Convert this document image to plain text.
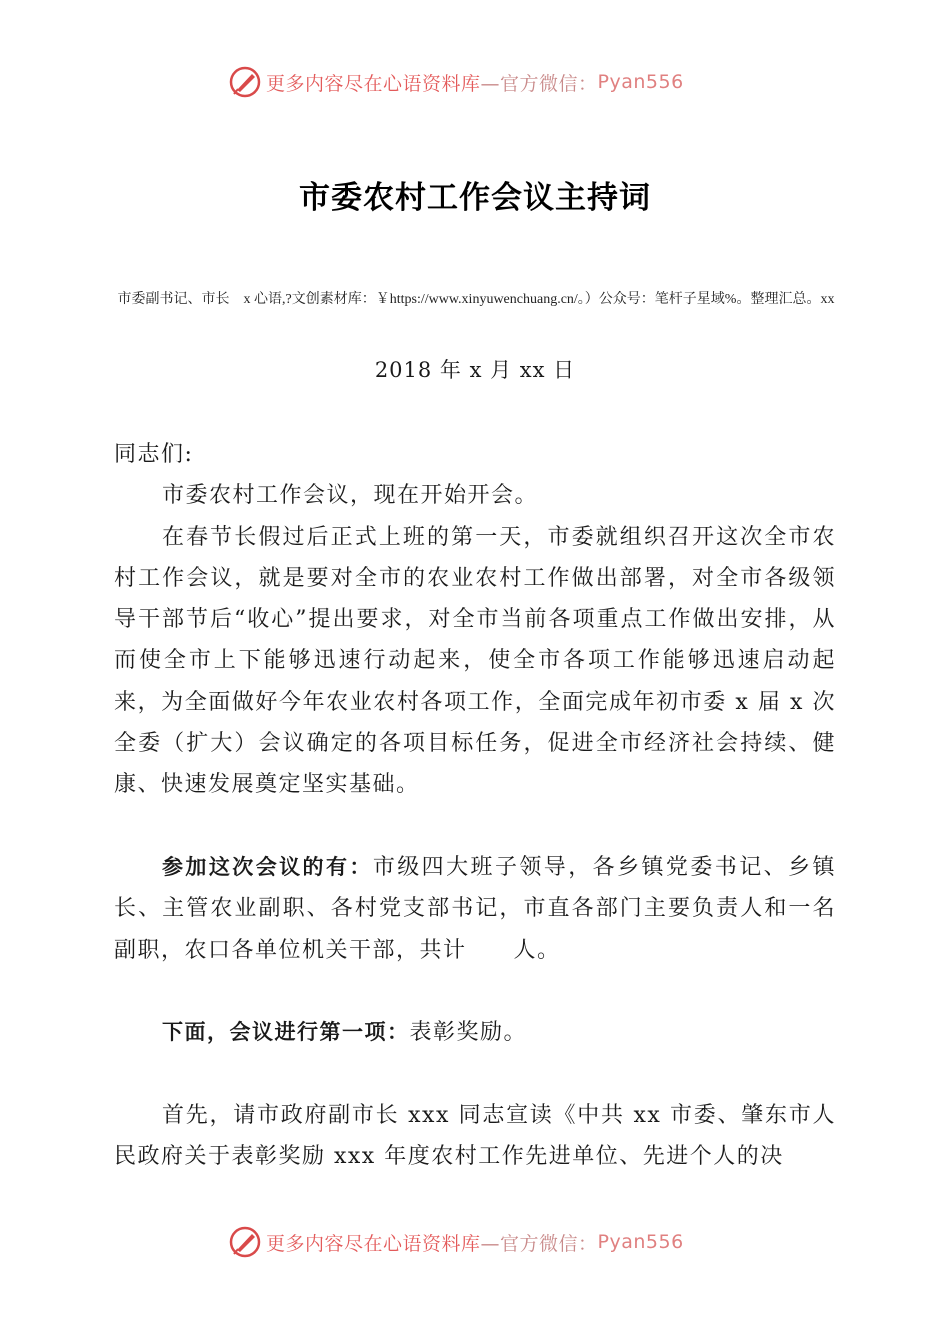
更多内容尽在心语资料库 —官方微信： Pyan556
市委农村工作会议主持词
市委副书记、市长　x 心语,?文创素材库：￥https://www.xinyuwenchuang.cn/。）公众号：笔杆子星域%。整理汇总。xx
2018 年 x 月 xx 日

同志们:

市委农村工作会议，现在开始开会。

在春节长假过后正式上班的第一天，市委就组织召开这次全市农村工作会议，就是要对全市的农业农村工作做出部署，对全市各级领导干部节后“收心”提出要求，对全市当前各项重点工作做出安排，从而使全市上下能够迅速行动起来，使全市各项工作能够迅速启动起来，为全面做好今年农业农村各项工作，全面完成年初市委 x 届 x 次全委（扩大）会议确定的各项目标任务，促进全市经济社会持续、健康、快速发展奠定坚实基础。

参加这次会议的有：市级四大班子领导，各乡镇党委书记、乡镇长、主管农业副职、各村党支部书记，市直各部门主要负责人和一名副职，农口各单位机关干部，共计　　人。

下面，会议进行第一项：表彰奖励。

首先，请市政府副市长 xxx 同志宣读《中共 xx 市委、肇东市人民政府关于表彰奖励 xxx 年度农村工作先进单位、先进个人的决

更多内容尽在心语资料库 —官方微信： Pyan556
